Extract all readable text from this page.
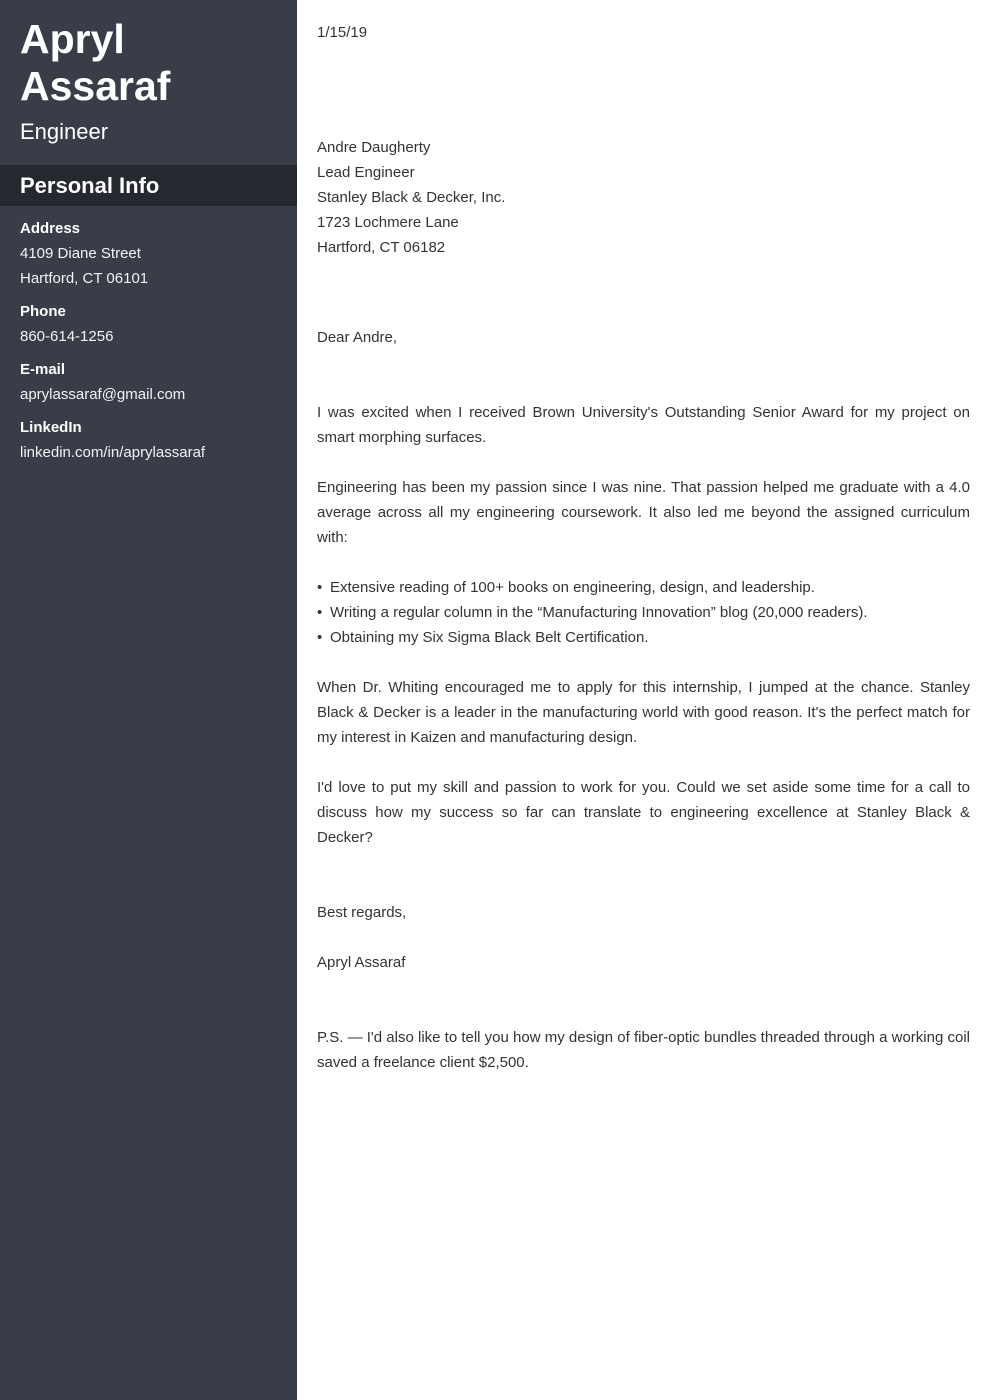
Apryl
Assaraf
Engineer
Personal Info
Address
4109 Diane Street
Hartford, CT 06101
Phone
860-614-1256
E-mail
aprylassaraf@gmail.com
LinkedIn
linkedin.com/in/aprylassaraf

1/15/19

Andre Daugherty

Lead Engineer

Stanley Black & Decker, Inc.

1723 Lochmere Lane

Hartford, CT 06182

Dear Andre,

I was excited when I received Brown University's Outstanding Senior Award for my project on smart morphing surfaces.

Engineering has been my passion since I was nine. That passion helped me graduate with a 4.0 average across all my engineering coursework. It also led me beyond the assigned curriculum with:

• Extensive reading of 100+ books on engineering, design, and leadership.
• Writing a regular column in the “Manufacturing Innovation” blog (20,000 readers).
• Obtaining my Six Sigma Black Belt Certification.

When Dr. Whiting encouraged me to apply for this internship, I jumped at the chance. Stanley Black & Decker is a leader in the manufacturing world with good reason. It's the perfect match for my interest in Kaizen and manufacturing design.

I'd love to put my skill and passion to work for you. Could we set aside some time for a call to discuss how my success so far can translate to engineering excellence at Stanley Black & Decker?

Best regards,

Apryl Assaraf

P.S. — I'd also like to tell you how my design of fiber-optic bundles threaded through a working coil saved a freelance client $2,500.
